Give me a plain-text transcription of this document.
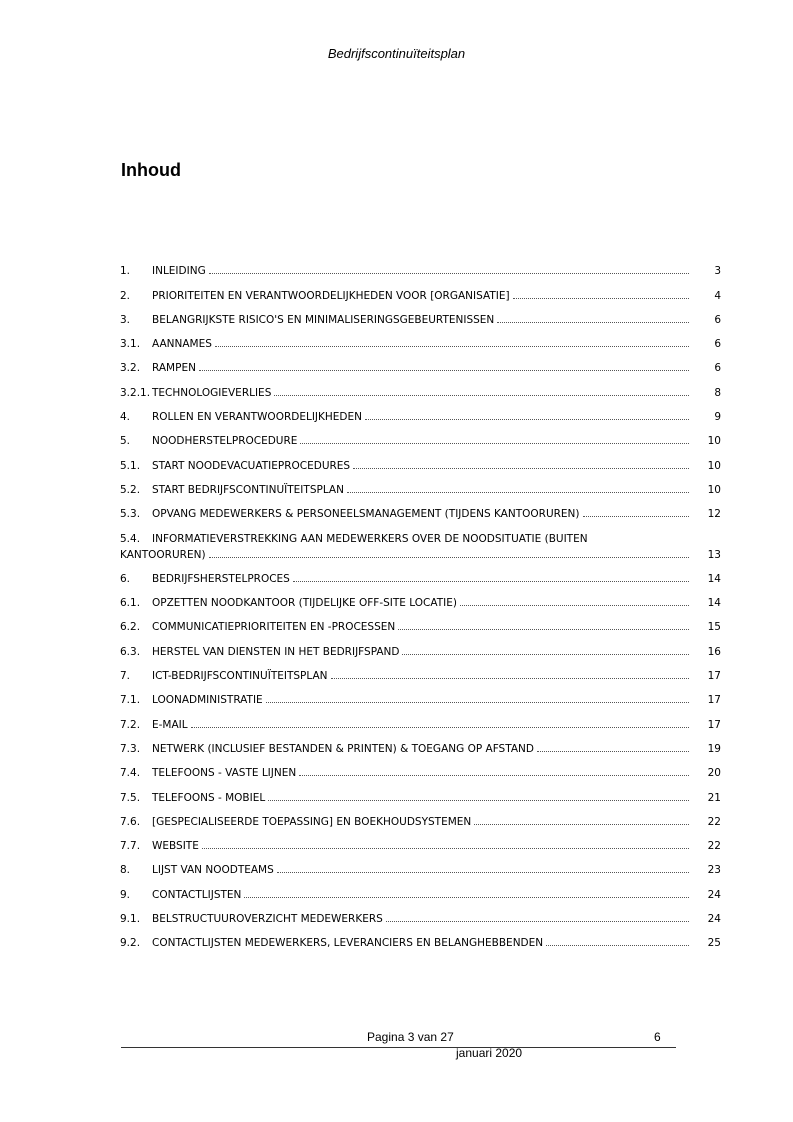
Bedrijfscontinuïteitsplan
Inhoud
1.	INLEIDING	3
2.	PRIORITEITEN EN VERANTWOORDELIJKHEDEN VOOR [ORGANISATIE]	4
3.	BELANGRIJKSTE RISICO'S EN MINIMALISERINGSGEBEURTENISSEN	6
3.1.	AANNAMES	6
3.2.	RAMPEN	6
3.2.1. TECHNOLOGIEVERLIES	8
4.	ROLLEN EN VERANTWOORDELIJKHEDEN	9
5.	NOODHERSTELPROCEDURE	10
5.1.	START NOODEVACUATIEPROCEDURES	10
5.2.	START BEDRIJFSCONTINUÏTEITSPLAN	10
5.3.	OPVANG MEDEWERKERS & PERSONEELSMANAGEMENT (TIJDENS KANTOORUREN)	12
5.4.	INFORMATIEVERSTREKKING AAN MEDEWERKERS OVER DE NOODSITUATIE (BUITEN
KANTOORUREN)	13
6.	BEDRIJFSHERSTELPROCES	14
6.1.	OPZETTEN NOODKANTOOR (TIJDELIJKE OFF-SITE LOCATIE)	14
6.2.	COMMUNICATIEPRIORITEITEN EN -PROCESSEN	15
6.3.	HERSTEL VAN DIENSTEN IN HET BEDRIJFSPAND	16
7.	ICT-BEDRIJFSCONTINUÏTEITSPLAN	17
7.1.	LOONADMINISTRATIE	17
7.2.	E-MAIL	17
7.3.	NETWERK (INCLUSIEF BESTANDEN & PRINTEN) & TOEGANG OP AFSTAND	19
7.4.	TELEFOONS - VASTE LIJNEN	20
7.5.	TELEFOONS - MOBIEL	21
7.6.	[GESPECIALISEERDE TOEPASSING] EN BOEKHOUDSYSTEMEN	22
7.7.	WEBSITE	22
8.	LIJST VAN NOODTEAMS	23
9.	CONTACTLIJSTEN	24
9.1.	BELSTRUCTUUROVERZICHT MEDEWERKERS	24
9.2.	CONTACTLIJSTEN MEDEWERKERS, LEVERANCIERS EN BELANGHEBBENDEN	25
Pagina 3 van 27	6
januari 2020
